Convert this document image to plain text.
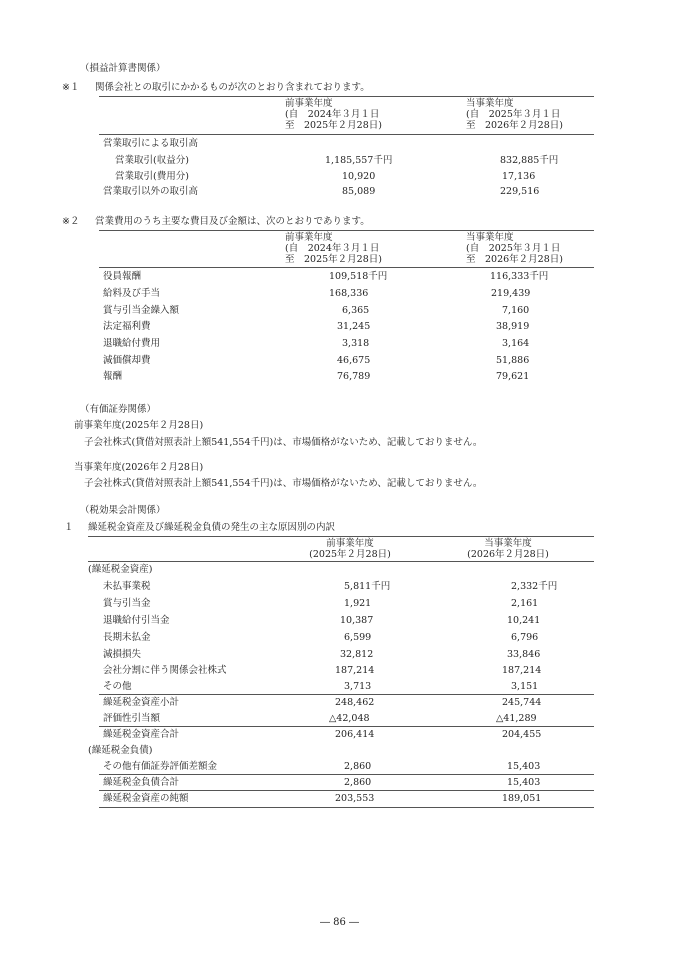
（損益計算書関係）
※１ 関係会社との取引にかかるものが次のとおり含まれております。
前事業年度
(自　2024年３月１日
至　2025年２月28日)
当事業年度
(自　2025年３月１日
至　2026年２月28日)
営業取引による取引高
営業取引(収益分)	1,185,557千円	832,885千円
営業取引(費用分)	10,920	17,136
営業取引以外の取引高	85,089	229,516
※２ 営業費用のうち主要な費目及び金額は、次のとおりであります。
前事業年度
(自　2024年３月１日
至　2025年２月28日)
当事業年度
(自　2025年３月１日
至　2026年２月28日)
役員報酬	109,518千円	116,333千円
給料及び手当	168,336	219,439
賞与引当金繰入額	6,365	7,160
法定福利費	31,245	38,919
退職給付費用	3,318	3,164
減価償却費	46,675	51,886
報酬	76,789	79,621
（有価証券関係）
前事業年度(2025年２月28日)
子会社株式(貸借対照表計上額541,554千円)は、市場価格がないため、記載しておりません。
当事業年度(2026年２月28日)
子会社株式(貸借対照表計上額541,554千円)は、市場価格がないため、記載しておりません。
（税効果会計関係）
１ 繰延税金資産及び繰延税金負債の発生の主な原因別の内訳
前事業年度
(2025年２月28日)
当事業年度
(2026年２月28日)
(繰延税金資産)
未払事業税	5,811千円	2,332千円
賞与引当金	1,921	2,161
退職給付引当金	10,387	10,241
長期未払金	6,599	6,796
減損損失	32,812	33,846
会社分割に伴う関係会社株式	187,214	187,214
その他	3,713	3,151
繰延税金資産小計	248,462	245,744
評価性引当額	△42,048	△41,289
繰延税金資産合計	206,414	204,455
(繰延税金負債)
その他有価証券評価差額金	2,860	15,403
繰延税金負債合計	2,860	15,403
繰延税金資産の純額	203,553	189,051
― 86 ―
